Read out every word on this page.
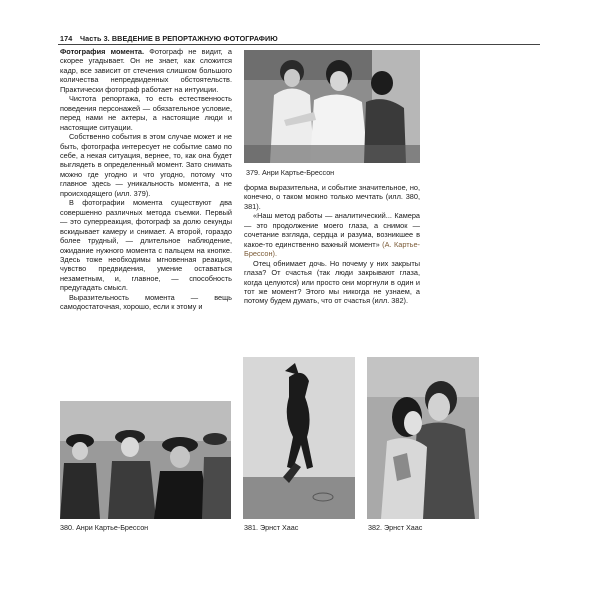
174 Часть 3. ВВЕДЕНИЕ В РЕПОРТАЖНУЮ ФОТОГРАФИЮ

Фотография момента. Фотограф не видит, а скорее угадывает. Он не знает, как сложится кадр, все зависит от стечения слишком большого количества непредвиденных обстоятельств. Практически фотограф работает на интуиции.

Чистота репортажа, то есть естественность поведения персонажей — обязательное условие, перед нами не актеры, а настоящие люди и настоящие ситуации.

Собственно события в этом случае может и не быть, фотографа интересует не событие само по себе, а некая ситуация, вернее, то, как она будет выглядеть в определенный момент. Зато снимать можно где угодно и что угодно, потому что главное здесь — уникальность момента, а не происходящего (илл. 379).

В фотографии момента существуют два совершенно различных метода съемки. Первый — это суперреакция, фотограф за долю секунды вскидывает камеру и снимает. А второй, гораздо более трудный, — длительное наблюдение, ожидание нужного момента с пальцем на кнопке. Здесь тоже необходимы мгновенная реакция, чувство предвидения, умение оставаться незаметным, и, главное, — способность предугадать смысл.

Выразительность момента — вещь самодостаточная, хорошо, если к этому и

379. Анри Картье-Брессон

форма выразительна, и событие значительное, но, конечно, о таком можно только мечтать (илл. 380, 381).

«Наш метод работы — аналитический... Камера — это продолжение моего глаза, а снимок — сочетание взгляда, сердца и разума, возникшее в какое-то единственно важный момент» (А. Картье-Брессон).

Отец обнимает дочь. Но почему у них закрыты глаза? От счастья (так люди закрывают глаза, когда целуются) или просто они моргнули в один и тот же момент? Этого мы никогда не узнаем, а потому будем думать, что от счастья (илл. 382).

380. Анри Картье-Брессон	381. Эрнст Хаас	382. Эрнст Хаас
